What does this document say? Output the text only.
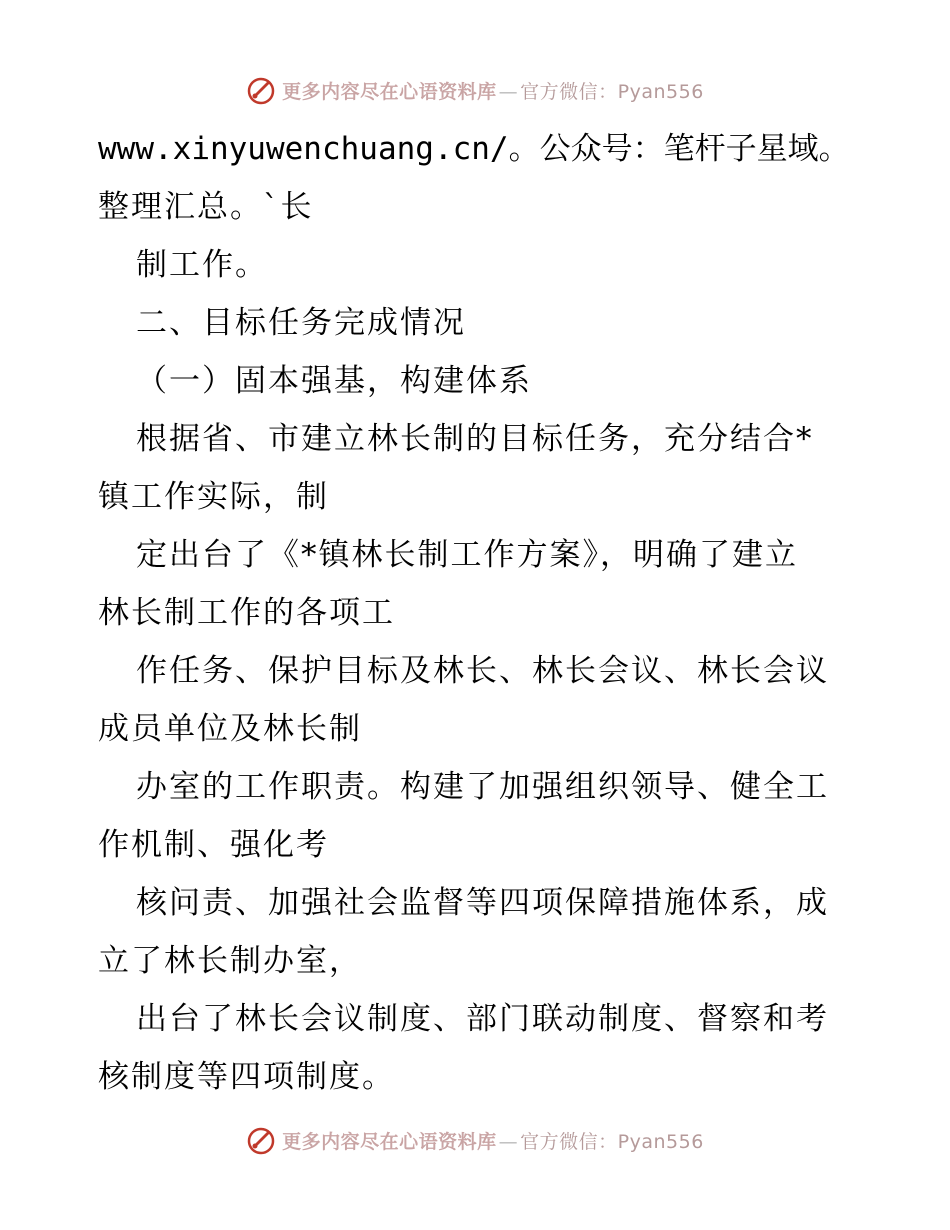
更多内容尽在心语资料库 — 官方微信：Pyan556
www.xinyuwenchuang.cn/。公众号：笔杆子星域。
整理汇总。`长
制工作。
二、目标任务完成情况
（一）固本强基，构建体系
根据省、市建立林长制的目标任务，充分结合*
镇工作实际，制
定出台了《*镇林长制工作方案》，明确了建立
林长制工作的各项工
作任务、保护目标及林长、林长会议、林长会议
成员单位及林长制
办室的工作职责。构建了加强组织领导、健全工
作机制、强化考
核问责、加强社会监督等四项保障措施体系，成
立了林长制办室，
出台了林长会议制度、部门联动制度、督察和考
核制度等四项制度。
更多内容尽在心语资料库 — 官方微信：Pyan556
